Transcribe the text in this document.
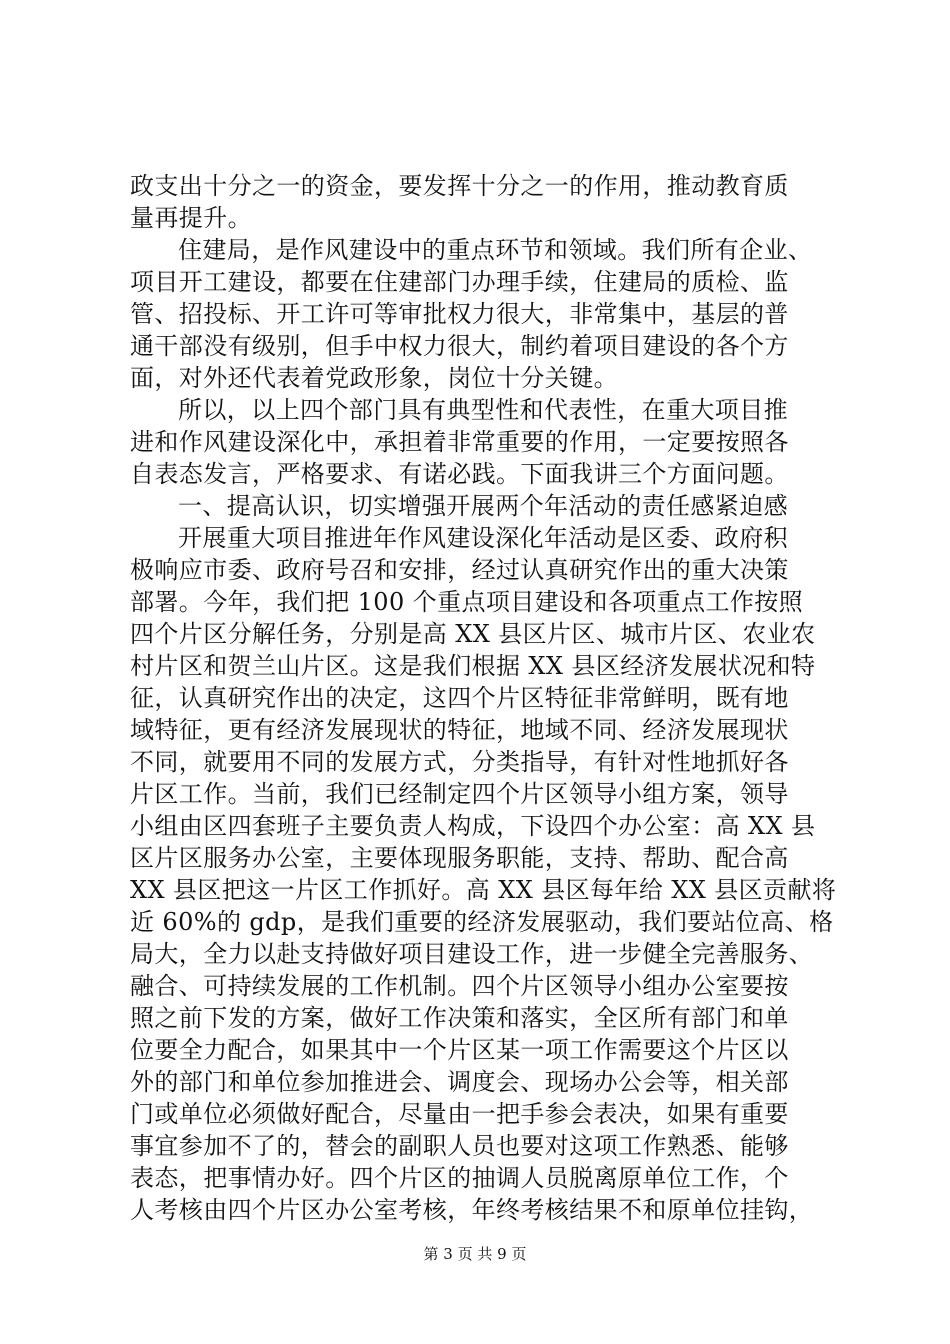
政支出十分之一的资金，要发挥十分之一的作用，推动教育质
量再提升。
住建局，是作风建设中的重点环节和领域。我们所有企业、
项目开工建设，都要在住建部门办理手续，住建局的质检、监
管、招投标、开工许可等审批权力很大，非常集中，基层的普
通干部没有级别，但手中权力很大，制约着项目建设的各个方
面，对外还代表着党政形象，岗位十分关键。
所以，以上四个部门具有典型性和代表性，在重大项目推
进和作风建设深化中，承担着非常重要的作用，一定要按照各
自表态发言，严格要求、有诺必践。下面我讲三个方面问题。
一、提高认识，切实增强开展两个年活动的责任感紧迫感
开展重大项目推进年作风建设深化年活动是区委、政府积
极响应市委、政府号召和安排，经过认真研究作出的重大决策
部署。今年，我们把 100 个重点项目建设和各项重点工作按照
四个片区分解任务，分别是高 XX 县区片区、城市片区、农业农
村片区和贺兰山片区。这是我们根据 XX 县区经济发展状况和特
征，认真研究作出的决定，这四个片区特征非常鲜明，既有地
域特征，更有经济发展现状的特征，地域不同、经济发展现状
不同，就要用不同的发展方式，分类指导，有针对性地抓好各
片区工作。当前，我们已经制定四个片区领导小组方案，领导
小组由区四套班子主要负责人构成，下设四个办公室：高 XX 县
区片区服务办公室，主要体现服务职能，支持、帮助、配合高
XX 县区把这一片区工作抓好。高 XX 县区每年给 XX 县区贡献将
近 60%的 gdp，是我们重要的经济发展驱动，我们要站位高、格
局大，全力以赴支持做好项目建设工作，进一步健全完善服务、
融合、可持续发展的工作机制。四个片区领导小组办公室要按
照之前下发的方案，做好工作决策和落实，全区所有部门和单
位要全力配合，如果其中一个片区某一项工作需要这个片区以
外的部门和单位参加推进会、调度会、现场办公会等，相关部
门或单位必须做好配合，尽量由一把手参会表决，如果有重要
事宜参加不了的，替会的副职人员也要对这项工作熟悉、能够
表态，把事情办好。四个片区的抽调人员脱离原单位工作，个
人考核由四个片区办公室考核，年终考核结果不和原单位挂钩，
第 3 页 共 9 页
